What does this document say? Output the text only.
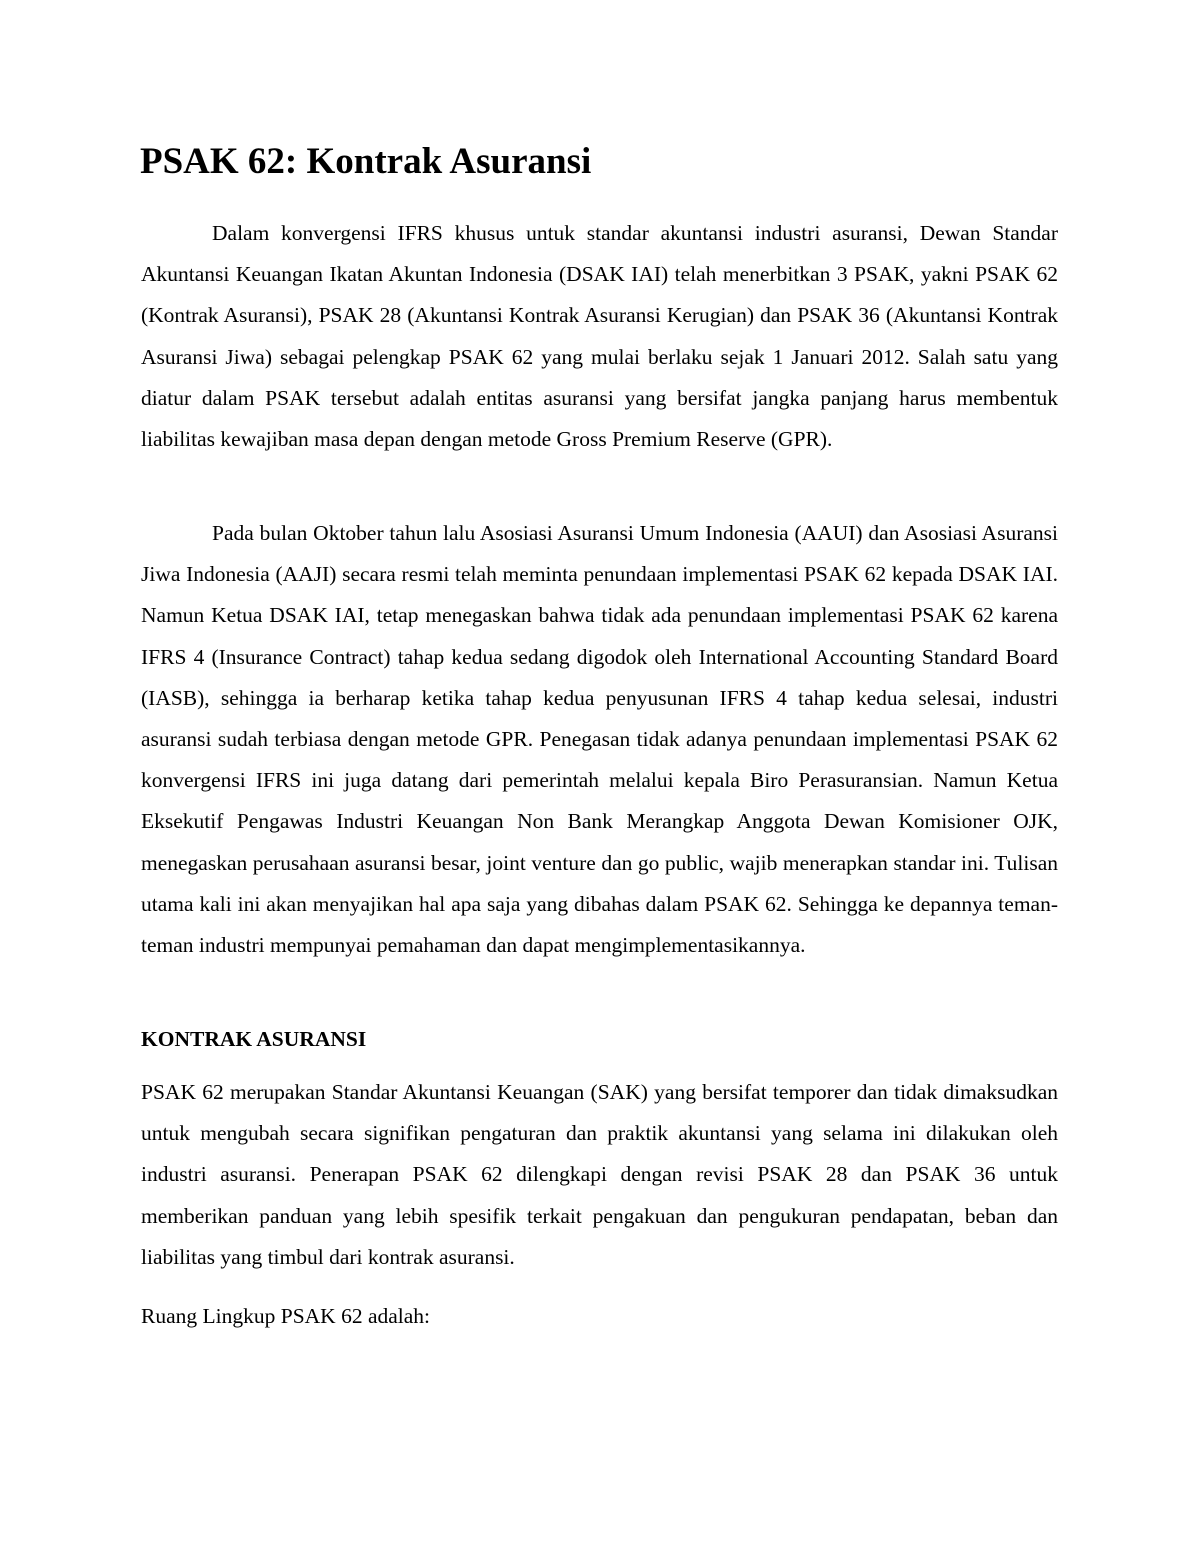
PSAK 62: Kontrak Asuransi

Dalam konvergensi IFRS khusus untuk standar akuntansi industri asuransi, Dewan Standar Akuntansi Keuangan Ikatan Akuntan Indonesia (DSAK IAI) telah menerbitkan 3 PSAK, yakni PSAK 62 (Kontrak Asuransi), PSAK 28 (Akuntansi Kontrak Asuransi Kerugian) dan PSAK 36 (Akuntansi Kontrak Asuransi Jiwa) sebagai pelengkap PSAK 62 yang mulai berlaku sejak 1 Januari 2012. Salah satu yang diatur dalam PSAK tersebut adalah entitas asuransi yang bersifat jangka panjang harus membentuk liabilitas kewajiban masa depan dengan metode Gross Premium Reserve (GPR).

Pada bulan Oktober tahun lalu Asosiasi Asuransi Umum Indonesia (AAUI) dan Asosiasi Asuransi Jiwa Indonesia (AAJI) secara resmi telah meminta penundaan implementasi PSAK 62 kepada DSAK IAI. Namun Ketua DSAK IAI, tetap menegaskan bahwa tidak ada penundaan implementasi PSAK 62 karena IFRS 4 (Insurance Contract) tahap kedua sedang digodok oleh International Accounting Standard Board (IASB), sehingga ia berharap ketika tahap kedua penyusunan IFRS 4 tahap kedua selesai, industri asuransi sudah terbiasa dengan metode GPR. Penegasan tidak adanya penundaan implementasi PSAK 62 konvergensi IFRS ini juga datang dari pemerintah melalui kepala Biro Perasuransian. Namun Ketua Eksekutif Pengawas Industri Keuangan Non Bank Merangkap Anggota Dewan Komisioner OJK, menegaskan perusahaan asuransi besar, joint venture dan go public, wajib menerapkan standar ini. Tulisan utama kali ini akan menyajikan hal apa saja yang dibahas dalam PSAK 62. Sehingga ke depannya teman-teman industri mempunyai pemahaman dan dapat mengimplementasikannya.

KONTRAK ASURANSI

PSAK 62 merupakan Standar Akuntansi Keuangan (SAK) yang bersifat temporer dan tidak dimaksudkan untuk mengubah secara signifikan pengaturan dan praktik akuntansi yang selama ini dilakukan oleh industri asuransi. Penerapan PSAK 62 dilengkapi dengan revisi PSAK 28 dan PSAK 36 untuk memberikan panduan yang lebih spesifik terkait pengakuan dan pengukuran pendapatan, beban dan liabilitas yang timbul dari kontrak asuransi.

Ruang Lingkup PSAK 62 adalah:
